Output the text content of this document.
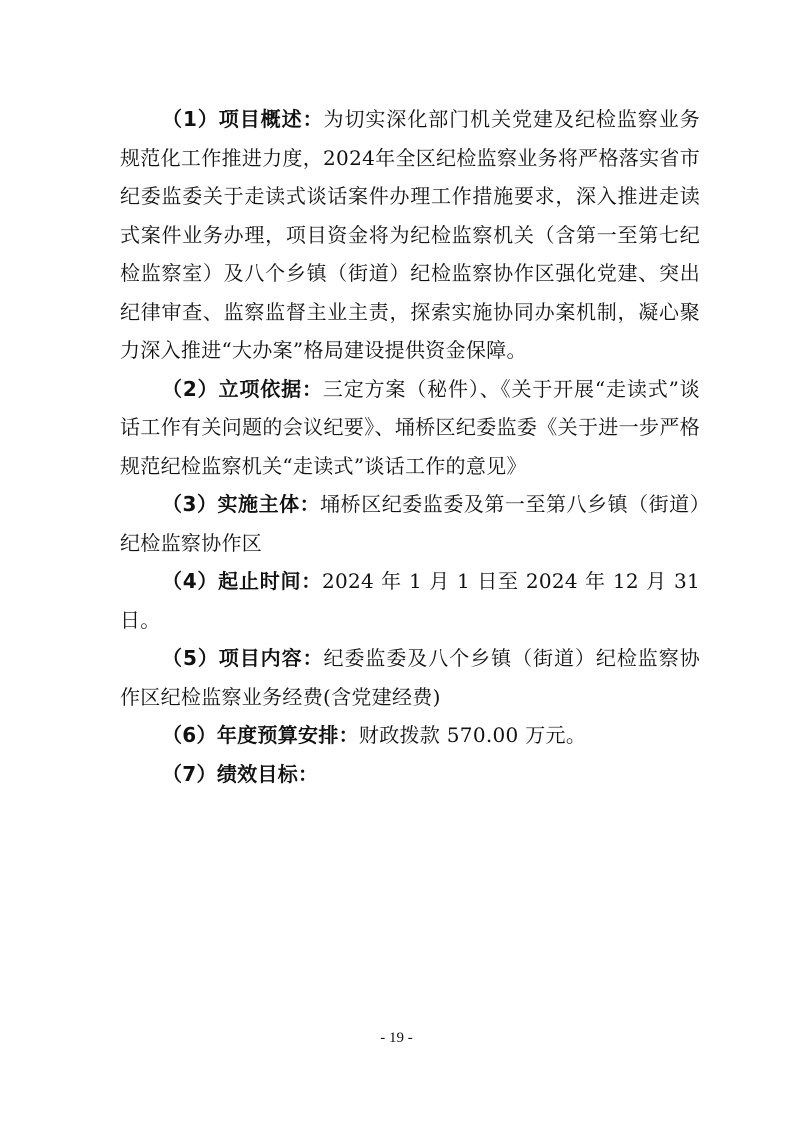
（1）项目概述：为切实深化部门机关党建及纪检监察业务规范化工作推进力度，2024年全区纪检监察业务将严格落实省市纪委监委关于走读式谈话案件办理工作措施要求，深入推进走读式案件业务办理，项目资金将为纪检监察机关（含第一至第七纪检监察室）及八个乡镇（街道）纪检监察协作区强化党建、突出纪律审查、监察监督主业主责，探索实施协同办案机制，凝心聚力深入推进“大办案”格局建设提供资金保障。

（2）立项依据：三定方案（秘件）、《关于开展“走读式”谈话工作有关问题的会议纪要》、埇桥区纪委监委《关于进一步严格规范纪检监察机关“走读式”谈话工作的意见》

（3）实施主体：埇桥区纪委监委及第一至第八乡镇（街道）纪检监察协作区

（4）起止时间：2024 年 1 月 1 日至 2024 年 12 月 31 日。

（5）项目内容：纪委监委及八个乡镇（街道）纪检监察协作区纪检监察业务经费(含党建经费)

（6）年度预算安排：财政拨款 570.00 万元。

（7）绩效目标：

- 19 -
